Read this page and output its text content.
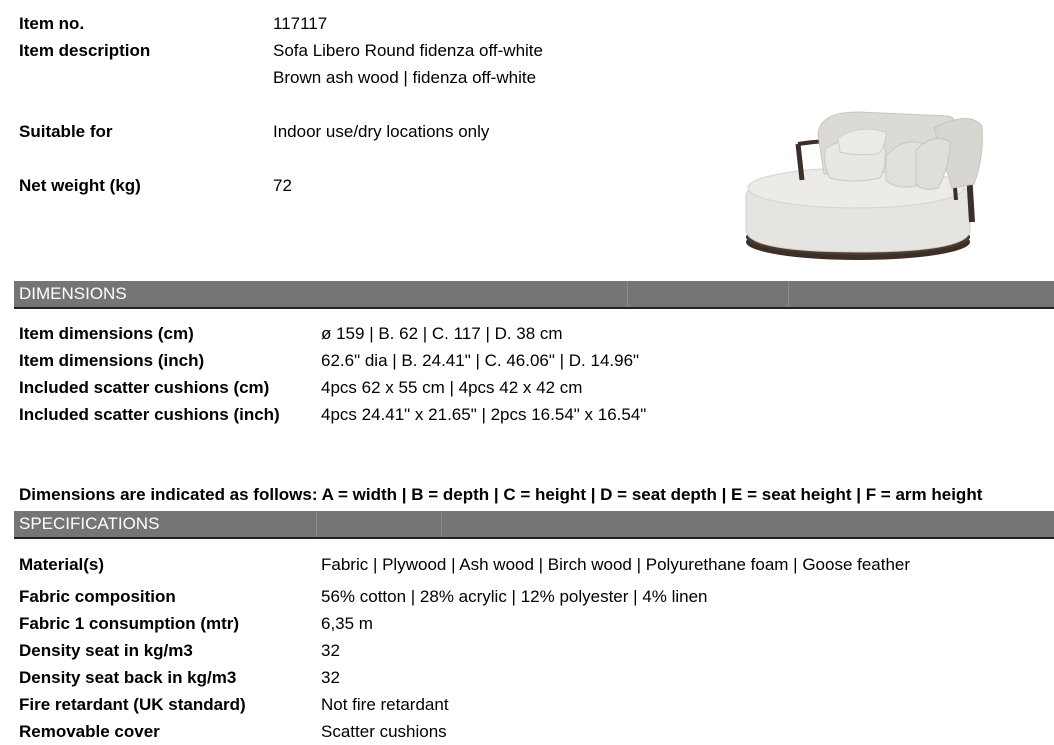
Item no.	117117
Item description	Sofa Libero Round fidenza off-white
Brown ash wood | fidenza off-white
Suitable for	Indoor use/dry locations only
Net weight (kg)	72
DIMENSIONS
Item dimensions (cm)	ø 159 | B. 62 | C. 117 | D. 38 cm
Item dimensions (inch)	62.6" dia | B. 24.41" | C. 46.06" | D. 14.96"
Included scatter cushions (cm)	4pcs 62 x 55 cm | 4pcs 42 x 42 cm
Included scatter cushions (inch) 4pcs 24.41" x 21.65" | 2pcs 16.54" x 16.54"
Dimensions are indicated as follows: A = width | B = depth | C = height | D = seat depth | E = seat height | F = arm height
SPECIFICATIONS
Material(s)	Fabric | Plywood | Ash wood | Birch wood | Polyurethane foam | Goose feather
Fabric composition	56% cotton | 28% acrylic | 12% polyester | 4% linen
Fabric 1 consumption (mtr)	6,35 m
Density seat in kg/m3	32
Density seat back in kg/m3	32
Fire retardant (UK standard)	Not fire retardant
Removable cover	Scatter cushions
